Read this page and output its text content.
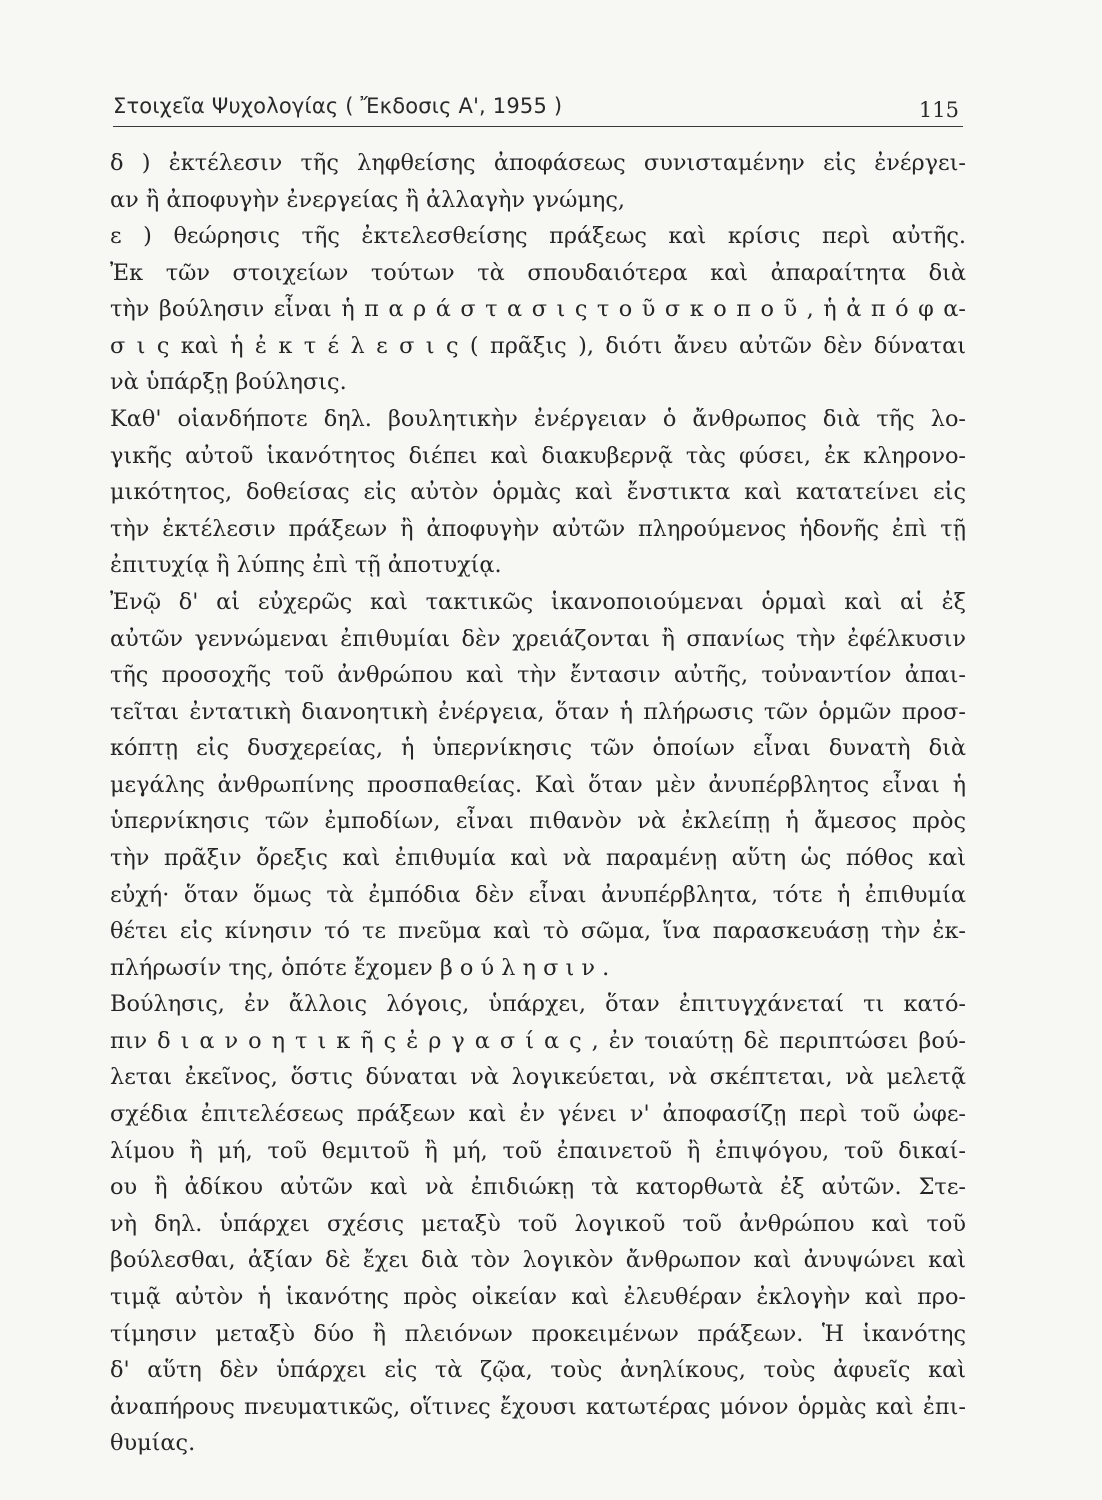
Στοιχεῖα Ψυχολογίας ( Ἔκδοσις Α', 1955 )	115
δ ) ἐκτέλεσιν τῆς ληφθείσης ἀποφάσεως συνισταμένην εἰς ἐνέργει-
αν ἢ ἀποφυγὴν ἐνεργείας ἢ ἀλλαγὴν γνώμης,
ε ) θεώρησις τῆς ἐκτελεσθείσης πράξεως καὶ κρίσις περὶ αὐτῆς.
Ἐκ τῶν στοιχείων τούτων τὰ σπουδαιότερα καὶ ἀπαραίτητα διὰ
τὴν βούλησιν εἶναι ἡ π α ρ ά σ τ α σ ι ς τ ο ῦ σ κ ο π ο ῦ , ἡ ἀ π ό φ α-
σ ι ς καὶ ἡ ἐ κ τ έ λ ε σ ι ς ( πρᾶξις ), διότι ἄνευ αὐτῶν δὲν δύναται
νὰ ὑπάρξῃ βούλησις.
Καθ' οἱανδήποτε δηλ. βουλητικὴν ἐνέργειαν ὁ ἄνθρωπος διὰ τῆς λο-
γικῆς αὐτοῦ ἱκανότητος διέπει καὶ διακυβερνᾷ τὰς φύσει, ἐκ κληρονο-
μικότητος, δοθείσας εἰς αὐτὸν ὁρμὰς καὶ ἔνστικτα καὶ κατατείνει εἰς
τὴν ἐκτέλεσιν πράξεων ἢ ἀποφυγὴν αὐτῶν πληρούμενος ἡδονῆς ἐπὶ τῇ
ἐπιτυχίᾳ ἢ λύπης ἐπὶ τῇ ἀποτυχίᾳ.
Ἐνῷ δ' αἱ εὐχερῶς καὶ τακτικῶς ἱκανοποιούμεναι ὁρμαὶ καὶ αἱ ἐξ
αὐτῶν γεννώμεναι ἐπιθυμίαι δὲν χρειάζονται ἢ σπανίως τὴν ἐφέλκυσιν
τῆς προσοχῆς τοῦ ἀνθρώπου καὶ τὴν ἔντασιν αὐτῆς, τοὐναντίον ἀπαι-
τεῖται ἐντατικὴ διανοητικὴ ἐνέργεια, ὅταν ἡ πλήρωσις τῶν ὁρμῶν προσ-
κόπτῃ εἰς δυσχερείας, ἡ ὑπερνίκησις τῶν ὁποίων εἶναι δυνατὴ διὰ
μεγάλης ἀνθρωπίνης προσπαθείας. Καὶ ὅταν μὲν ἀνυπέρβλητος εἶναι ἡ
ὑπερνίκησις τῶν ἐμποδίων, εἶναι πιθανὸν νὰ ἐκλείπῃ ἡ ἄμεσος πρὸς
τὴν πρᾶξιν ὄρεξις καὶ ἐπιθυμία καὶ νὰ παραμένῃ αὕτη ὡς πόθος καὶ
εὐχή· ὅταν ὅμως τὰ ἐμπόδια δὲν εἶναι ἀνυπέρβλητα, τότε ἡ ἐπιθυμία
θέτει εἰς κίνησιν τό τε πνεῦμα καὶ τὸ σῶμα, ἵνα παρασκευάσῃ τὴν ἐκ-
πλήρωσίν της, ὁπότε ἔχομεν β ο ύ λ η σ ι ν .
Βούλησις, ἐν ἄλλοις λόγοις, ὑπάρχει, ὅταν ἐπιτυγχάνεταί τι κατό-
πιν δ ι α ν ο η τ ι κ ῆ ς ἐ ρ γ α σ ί α ς , ἐν τοιαύτῃ δὲ περιπτώσει βού-
λεται ἐκεῖνος, ὅστις δύναται νὰ λογικεύεται, νὰ σκέπτεται, νὰ μελετᾷ
σχέδια ἐπιτελέσεως πράξεων καὶ ἐν γένει ν' ἀποφασίζῃ περὶ τοῦ ὠφε-
λίμου ἢ μή, τοῦ θεμιτοῦ ἢ μή, τοῦ ἐπαινετοῦ ἢ ἐπιψόγου, τοῦ δικαί-
ου ἢ ἀδίκου αὐτῶν καὶ νὰ ἐπιδιώκῃ τὰ κατορθωτὰ ἐξ αὐτῶν. Στε-
νὴ δηλ. ὑπάρχει σχέσις μεταξὺ τοῦ λογικοῦ τοῦ ἀνθρώπου καὶ τοῦ
βούλεσθαι, ἀξίαν δὲ ἔχει διὰ τὸν λογικὸν ἄνθρωπον καὶ ἀνυψώνει καὶ
τιμᾷ αὐτὸν ἡ ἱκανότης πρὸς οἰκείαν καὶ ἐλευθέραν ἐκλογὴν καὶ προ-
τίμησιν μεταξὺ δύο ἢ πλειόνων προκειμένων πράξεων. Ἡ ἱκανότης
δ' αὕτη δὲν ὑπάρχει εἰς τὰ ζῷα, τοὺς ἀνηλίκους, τοὺς ἀφυεῖς καὶ
ἀναπήρους πνευματικῶς, οἵτινες ἔχουσι κατωτέρας μόνον ὁρμὰς καὶ ἐπι-
θυμίας.
